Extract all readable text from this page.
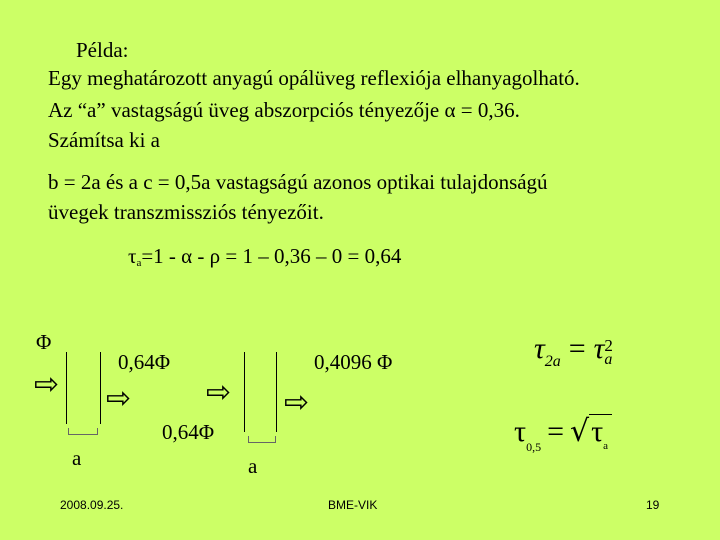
Példa:
Egy meghatározott anyagú opálüveg reflexiója elhanyagolható.
Az “a” vastagságú üveg abszorpciós tényezője α = 0,36.
Számítsa ki a
b = 2a és a c = 0,5a vastagságú azonos optikai tulajdonságú
üvegek transzmissziós tényezőit.
$\tau_a=1 - \alpha - \rho = 1 - 0,36 - 0 = 0,64$
Φ
⇨
0,64Φ
⇨
a
⇨
0,64Φ
a
0,4096 Φ
⇨
τ2a = τ 2
a
$\tau_{0,5} = √\tau_a$
2008.09.25.	BME-VIK	19
